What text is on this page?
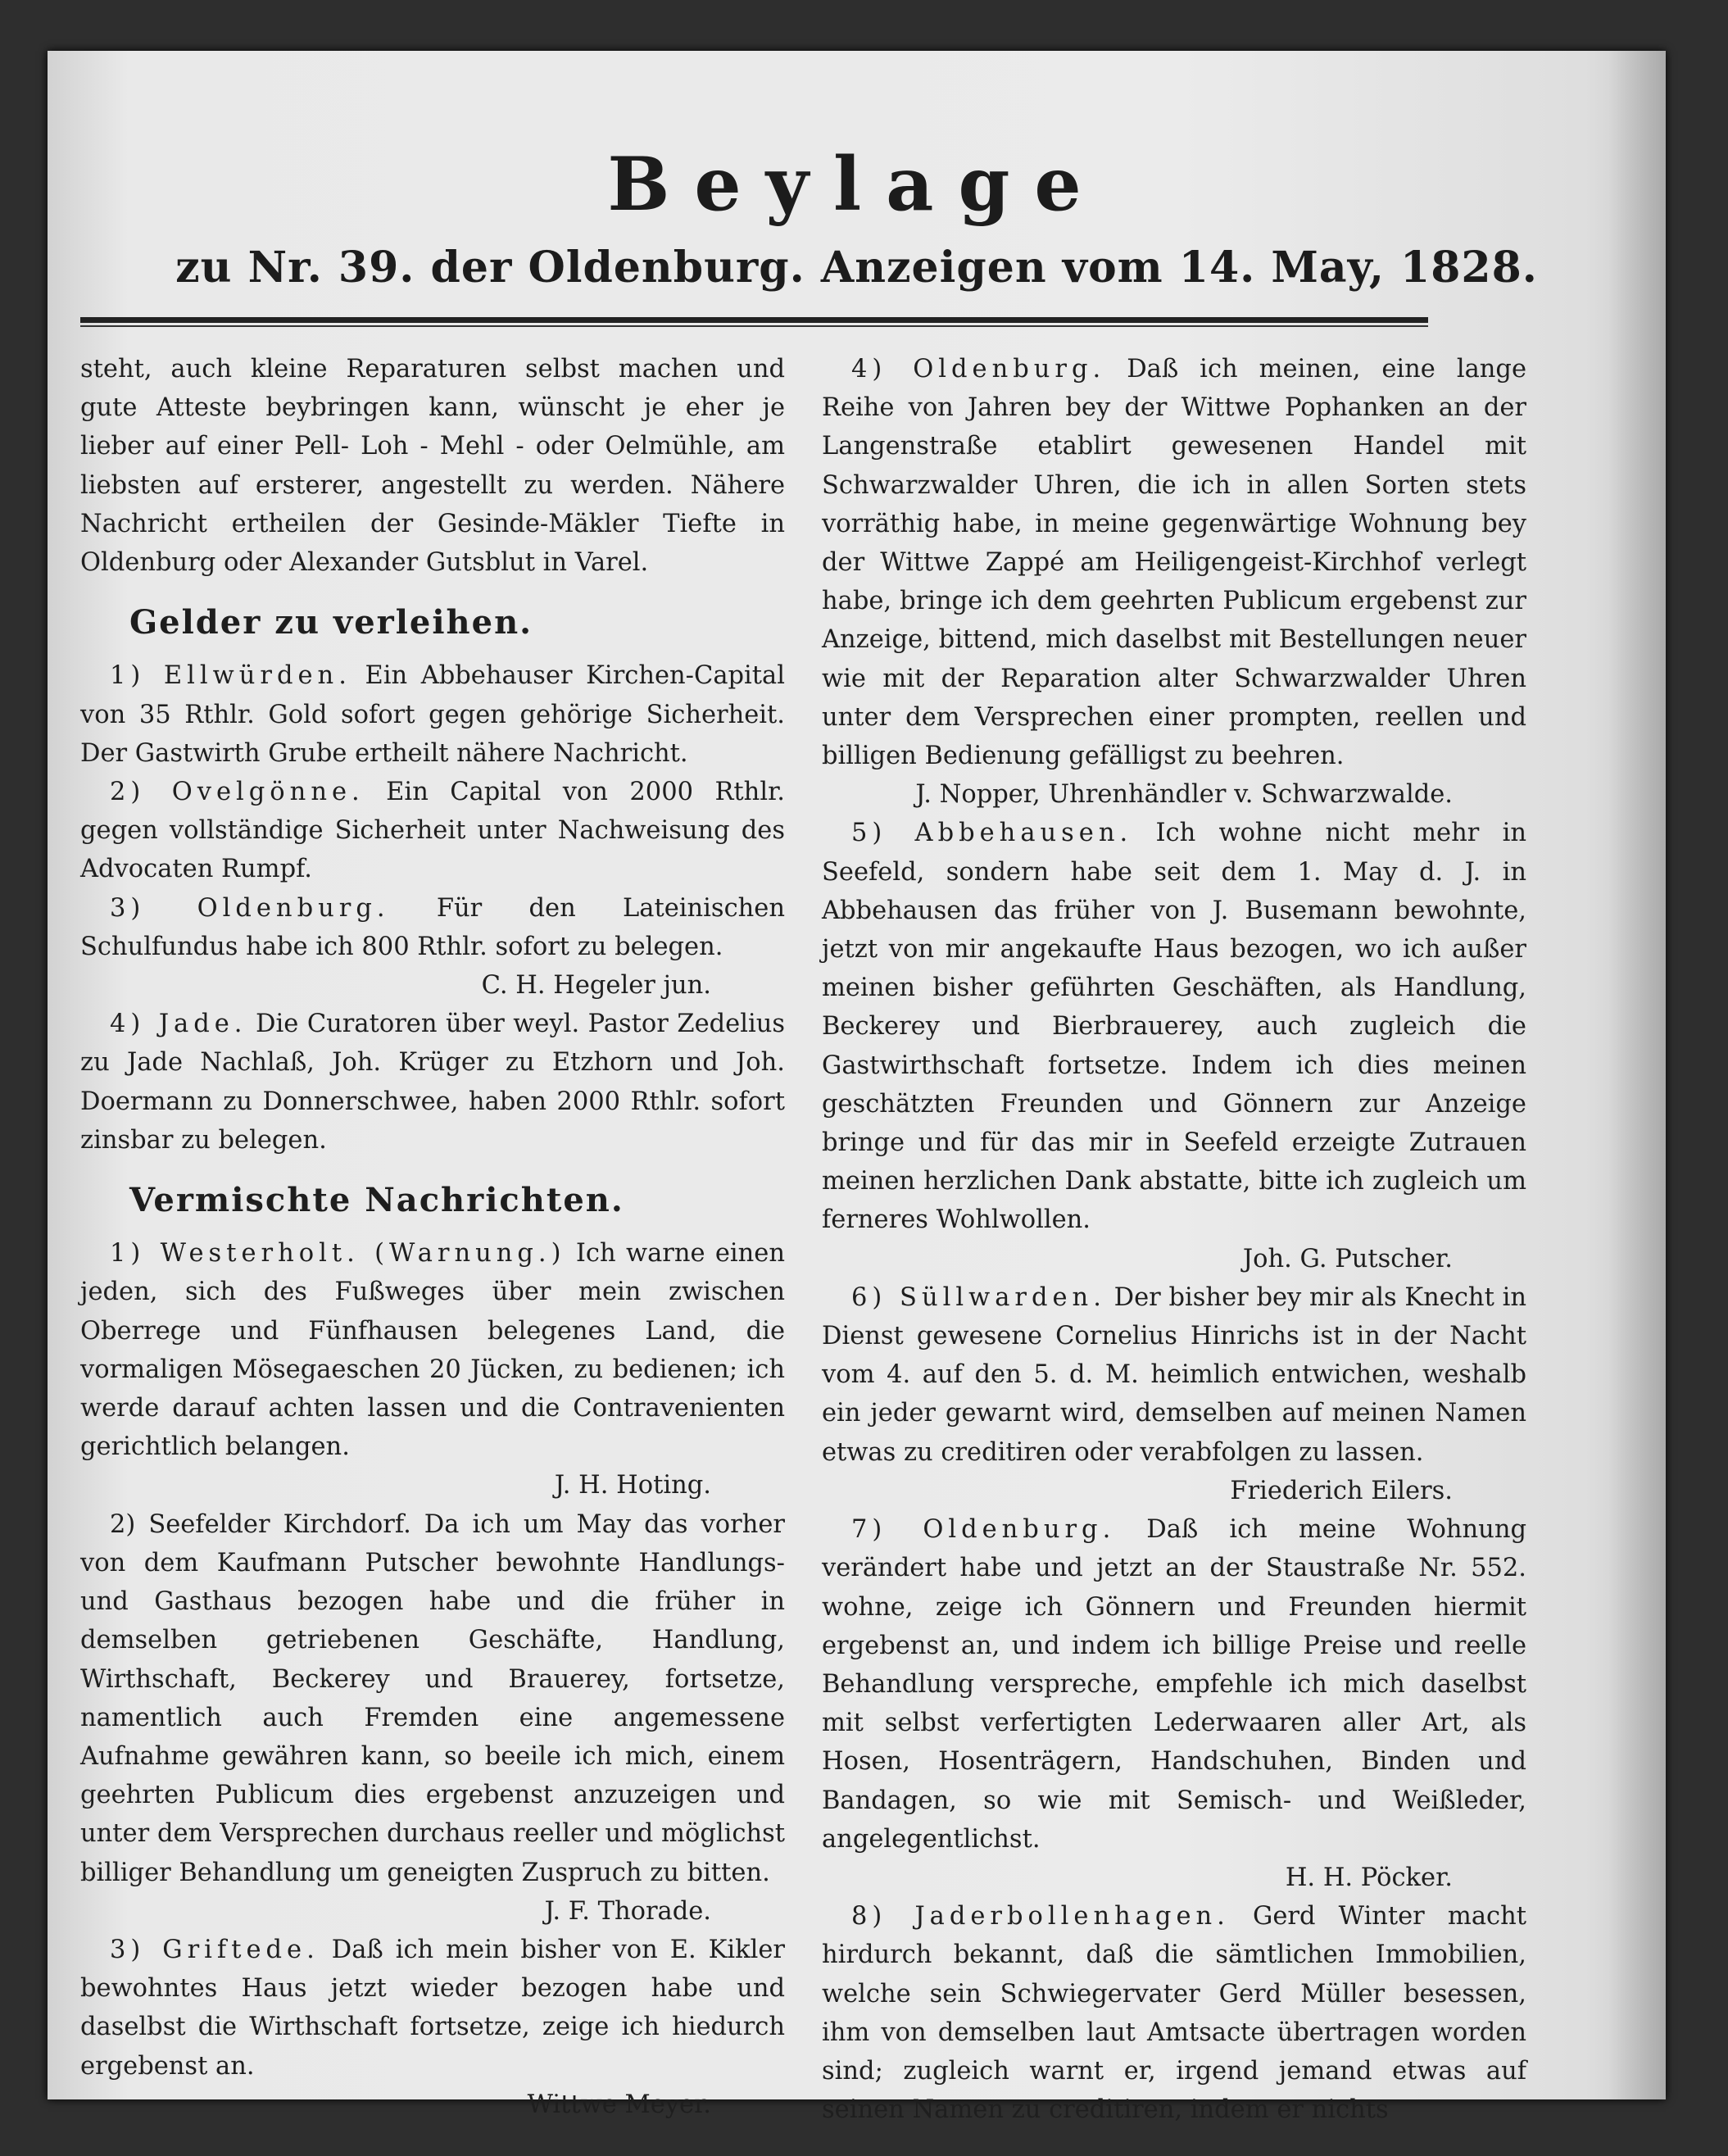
Beylage
zu Nr. 39. der Oldenburg. Anzeigen vom 14. May, 1828.

steht, auch kleine Reparaturen selbst machen und gute Atteste beybringen kann, wünscht je eher je lieber auf einer Pell- Loh - Mehl - oder Oelmühle, am liebsten auf ersterer, angestellt zu werden. Nähere Nachricht ertheilen der Gesinde-Mäkler Tiefte in Oldenburg oder Alexander Gutsblut in Varel.

Gelder zu verleihen.

1) Ellwürden. Ein Abbehauser Kirchen-Capital von 35 Rthlr. Gold sofort gegen gehörige Sicherheit. Der Gastwirth Grube ertheilt nähere Nachricht.

2) Ovelgönne. Ein Capital von 2000 Rthlr. gegen vollständige Sicherheit unter Nachweisung des Advocaten Rumpf.

3) Oldenburg. Für den Lateinischen Schulfundus habe ich 800 Rthlr. sofort zu belegen.

C. H. Hegeler jun.

4) Jade. Die Curatoren über weyl. Pastor Zedelius zu Jade Nachlaß, Joh. Krüger zu Etzhorn und Joh. Doermann zu Donnerschwee, haben 2000 Rthlr. sofort zinsbar zu belegen.

Vermischte Nachrichten.

1) Westerholt. (Warnung.) Ich warne einen jeden, sich des Fußweges über mein zwischen Oberrege und Fünfhausen belegenes Land, die vormaligen Mösegaeschen 20 Jücken, zu bedienen; ich werde darauf achten lassen und die Contravenienten gerichtlich belangen.

J. H. Hoting.

2) Seefelder Kirchdorf. Da ich um May das vorher von dem Kaufmann Putscher bewohnte Handlungs- und Gasthaus bezogen habe und die früher in demselben getriebenen Geschäfte, Handlung, Wirthschaft, Beckerey und Brauerey, fortsetze, namentlich auch Fremden eine angemessene Aufnahme gewähren kann, so beeile ich mich, einem geehrten Publicum dies ergebenst anzuzeigen und unter dem Versprechen durchaus reeller und möglichst billiger Behandlung um geneigten Zuspruch zu bitten.

J. F. Thorade.

3) Griftede. Daß ich mein bisher von E. Kikler bewohntes Haus jetzt wieder bezogen habe und daselbst die Wirthschaft fortsetze, zeige ich hiedurch ergebenst an.

Wittwe Meyer.

4) Oldenburg. Daß ich meinen, eine lange Reihe von Jahren bey der Wittwe Pophanken an der Langenstraße etablirt gewesenen Handel mit Schwarzwalder Uhren, die ich in allen Sorten stets vorräthig habe, in meine gegenwärtige Wohnung bey der Wittwe Zappé am Heiligengeist-Kirchhof verlegt habe, bringe ich dem geehrten Publicum ergebenst zur Anzeige, bittend, mich daselbst mit Bestellungen neuer wie mit der Reparation alter Schwarzwalder Uhren unter dem Versprechen einer prompten, reellen und billigen Bedienung gefälligst zu beehren.

J. Nopper, Uhrenhändler v. Schwarzwalde.

5) Abbehausen. Ich wohne nicht mehr in Seefeld, sondern habe seit dem 1. May d. J. in Abbehausen das früher von J. Busemann bewohnte, jetzt von mir angekaufte Haus bezogen, wo ich außer meinen bisher geführten Geschäften, als Handlung, Beckerey und Bierbrauerey, auch zugleich die Gastwirthschaft fortsetze. Indem ich dies meinen geschätzten Freunden und Gönnern zur Anzeige bringe und für das mir in Seefeld erzeigte Zutrauen meinen herzlichen Dank abstatte, bitte ich zugleich um ferneres Wohlwollen.

Joh. G. Putscher.

6) Süllwarden. Der bisher bey mir als Knecht in Dienst gewesene Cornelius Hinrichs ist in der Nacht vom 4. auf den 5. d. M. heimlich entwichen, weshalb ein jeder gewarnt wird, demselben auf meinen Namen etwas zu creditiren oder verabfolgen zu lassen.

Friederich Eilers.

7) Oldenburg. Daß ich meine Wohnung verändert habe und jetzt an der Staustraße Nr. 552. wohne, zeige ich Gönnern und Freunden hiermit ergebenst an, und indem ich billige Preise und reelle Behandlung verspreche, empfehle ich mich daselbst mit selbst verfertigten Lederwaaren aller Art, als Hosen, Hosenträgern, Handschuhen, Binden und Bandagen, so wie mit Semisch- und Weißleder, angelegentlichst.

H. H. Pöcker.

8) Jaderbollenhagen. Gerd Winter macht hirdurch bekannt, daß die sämtlichen Immobilien, welche sein Schwiegervater Gerd Müller besessen, ihm von demselben laut Amtsacte übertragen worden sind; zugleich warnt er, irgend jemand etwas auf seinen Namen zu creditiren, indem er nichts
